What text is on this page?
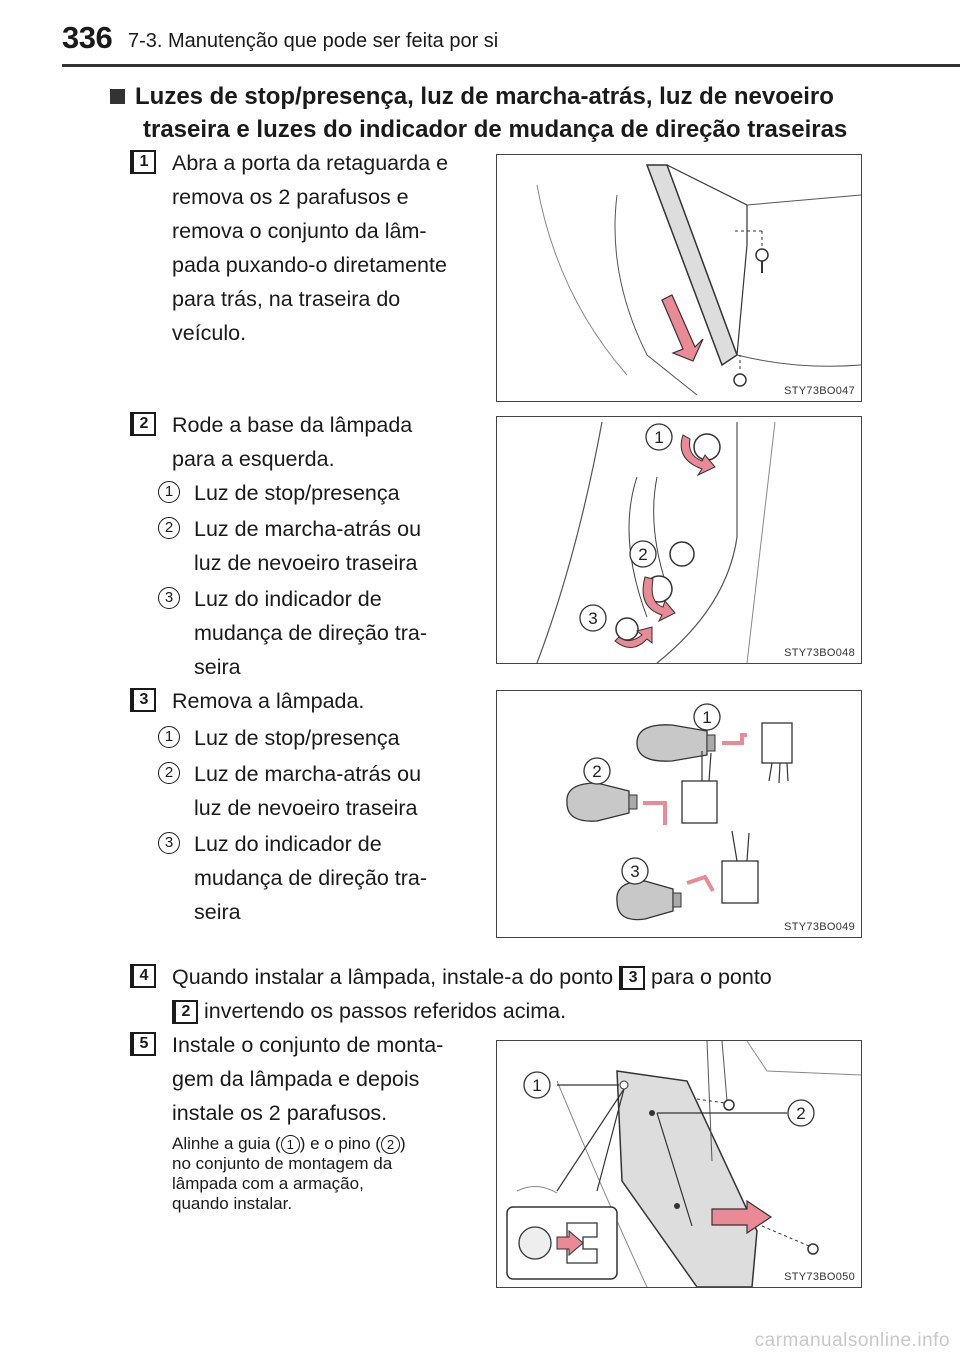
336 7-3. Manutenção que pode ser feita por si
Luzes de stop/presença, luz de marcha-atrás, luz de nevoeiro
traseira e luzes do indicador de mudança de direção traseiras
1	Abra a porta da retaguarda e
remova os 2 parafusos e
remova o conjunto da lâm-
pada puxando-o diretamente
para trás, na traseira do
veículo.
STY73BO047
2	Rode a base da lâmpada
para a esquerda.
1 Luz de stop/presença
2 Luz de marcha-atrás ou
luz de nevoeiro traseira
3 Luz do indicador de
mudança de direção tra-
seira
1
2
3
STY73BO048
3	Remova a lâmpada.
1 Luz de stop/presença
2 Luz de marcha-atrás ou
luz de nevoeiro traseira
3 Luz do indicador de
mudança de direção tra-
seira
1
2
3
STY73BO049
4	Quando instalar a lâmpada, instale-a do ponto 3 para o ponto
2 invertendo os passos referidos acima.
5	Instale o conjunto de monta-
gem da lâmpada e depois
instale os 2 parafusos.
Alinhe a guia ( 1 ) e o pino ( 2 )
no conjunto de montagem da
lâmpada com a armação,
quando instalar.
1
2
STY73BO050
carmanualsonline.info
